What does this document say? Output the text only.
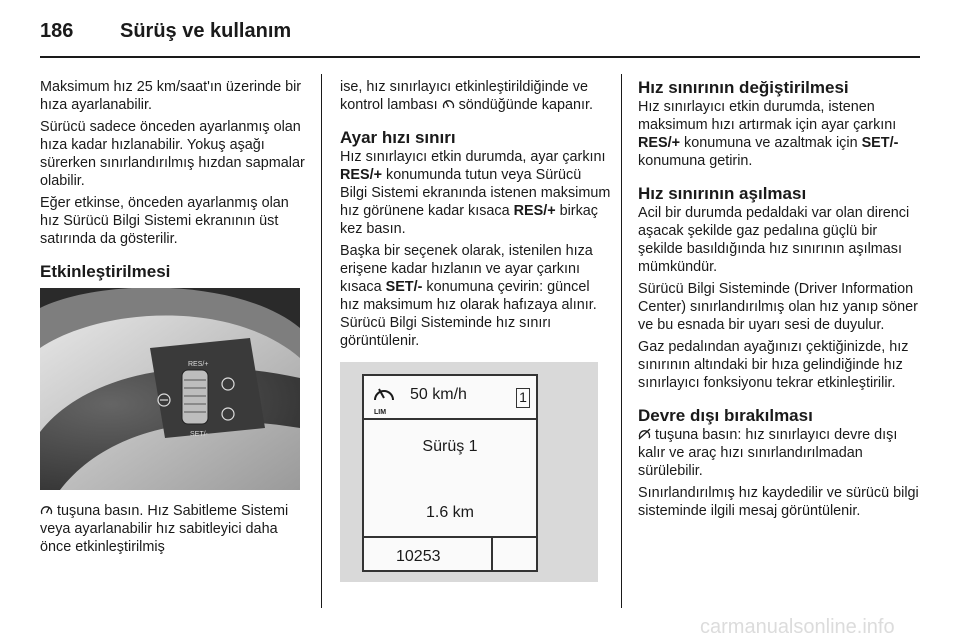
186 Sürüş ve kullanım

Maksimum hız 25 km/saat'ın üzerinde bir hıza ayarlanabilir.

Sürücü sadece önceden ayarlanmış olan hıza kadar hızlanabilir. Yokuş aşağı sürerken sınırlandırılmış hızdan sapmalar olabilir.

Eğer etkinse, önceden ayarlanmış olan hız Sürücü Bilgi Sistemi ekranının üst satırında da gösterilir.

Etkinleştirilmesi
RES/+
SET/-

tuşuna basın. Hız Sabitleme Sistemi veya ayarlanabilir hız sabitleyici daha önce etkinleştirilmiş

ise, hız sınırlayıcı etkinleştirildiğinde ve kontrol lambası  söndüğünde kapanır.

Ayar hızı sınırı

Hız sınırlayıcı etkin durumda, ayar çarkını RES/+ konumunda tutun veya Sürücü Bilgi Sistemi ekranında istenen maksimum hız görünene kadar kısaca RES/+ birkaç kez basın.

Başka bir seçenek olarak, istenilen hıza erişene kadar hızlanın ve ayar çarkını kısaca SET/- konumuna çevirin: güncel hız maksimum hız olarak hafızaya alınır. Sürücü Bilgi Sisteminde hız sınırı görüntülenir.

LIM
50 km/h	1
Sürüş 1
1.6 km
10253
Hız sınırının değiştirilmesi

Hız sınırlayıcı etkin durumda, istenen maksimum hızı artırmak için ayar çarkını RES/+ konumuna ve azaltmak için SET/- konumuna getirin.

Hız sınırının aşılması

Acil bir durumda pedaldaki var olan direnci aşacak şekilde gaz pedalına güçlü bir şekilde basıldığında hız sınırının aşılması mümkündür.

Sürücü Bilgi Sisteminde (Driver Information Center) sınırlandırılmış olan hız yanıp söner ve bu esnada bir uyarı sesi de duyulur.

Gaz pedalından ayağınızı çektiğinizde, hız sınırının altındaki bir hıza gelindiğinde hız sınırlayıcı fonksiyonu tekrar etkinleştirilir.

Devre dışı bırakılması

tuşuna basın: hız sınırlayıcı devre dışı kalır ve araç hızı sınırlandırılmadan sürülebilir.

Sınırlandırılmış hız kaydedilir ve sürücü bilgi sisteminde ilgili mesaj görüntülenir.

carmanualsonline.info
